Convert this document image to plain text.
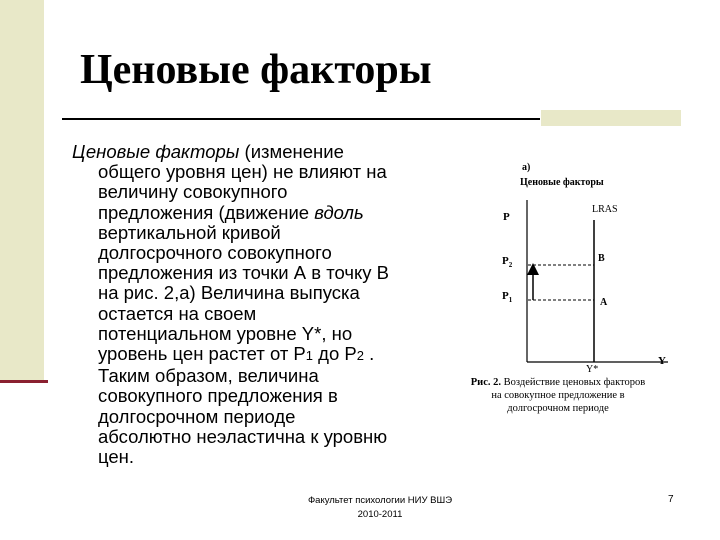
Ценовые факторы
Ценовые факторы (изменение
общего уровня цен) не влияют на
величину совокупного
предложения (движение вдоль
вертикальной кривой
долгосрочного совокупного
предложения из точки А в точку В
на рис. 2,а) Величина выпуска
остается на своем
потенциальном уровне Y*, но
уровень цен растет от Р1 до Р2 .
Таким образом, величина
совокупного предложения в
долгосрочном периоде
абсолютно неэластична к уровню
цен.
а)
Ценовые факторы
P
Y
LRAS
$P_2$
$P_1$
B
A
Y*
Рис. 2. Воздействие ценовых факторов
на совокупное предложение в
долгосрочном периоде
Факультет психологии НИУ ВШЭ
2010-2011
7
